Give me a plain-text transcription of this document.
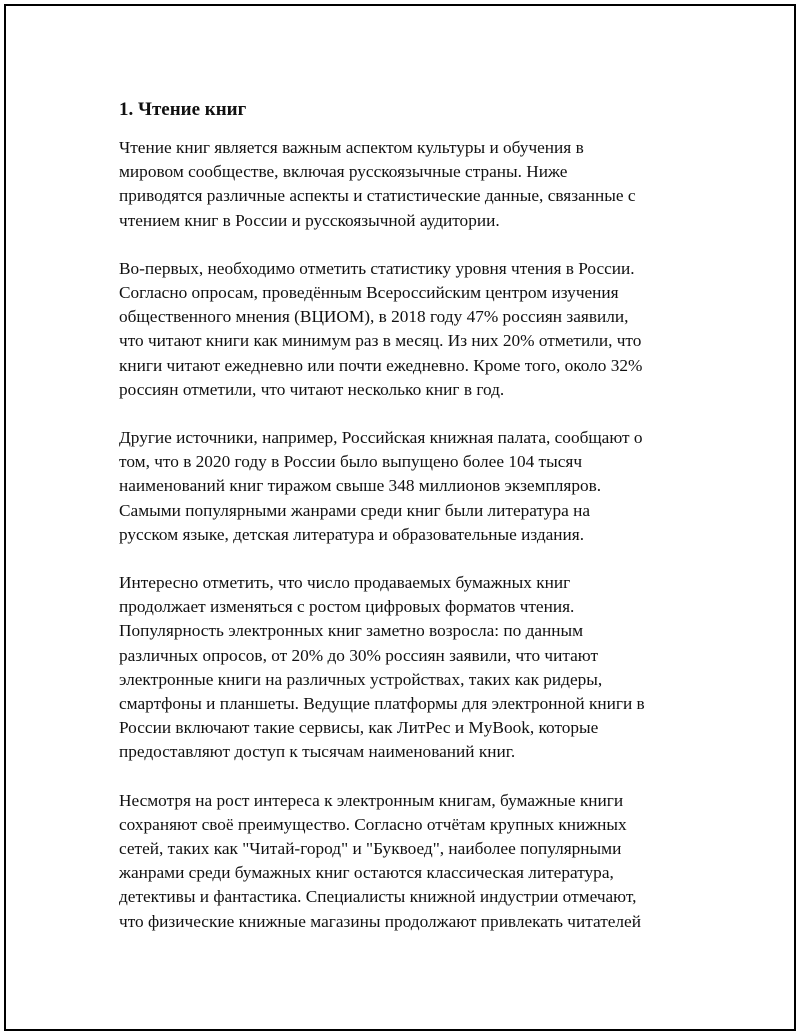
1. Чтение книг

Чтение книг является важным аспектом культуры и обучения в
мировом сообществе, включая русскоязычные страны. Ниже
приводятся различные аспекты и статистические данные, связанные с
чтением книг в России и русскоязычной аудитории.

Во-первых, необходимо отметить статистику уровня чтения в России.
Согласно опросам, проведённым Всероссийским центром изучения
общественного мнения (ВЦИОМ), в 2018 году 47% россиян заявили,
что читают книги как минимум раз в месяц. Из них 20% отметили, что
книги читают ежедневно или почти ежедневно. Кроме того, около 32%
россиян отметили, что читают несколько книг в год.

Другие источники, например, Российская книжная палата, сообщают о
том, что в 2020 году в России было выпущено более 104 тысяч
наименований книг тиражом свыше 348 миллионов экземпляров.
Самыми популярными жанрами среди книг были литература на
русском языке, детская литература и образовательные издания.

Интересно отметить, что число продаваемых бумажных книг
продолжает изменяться с ростом цифровых форматов чтения.
Популярность электронных книг заметно возросла: по данным
различных опросов, от 20% до 30% россиян заявили, что читают
электронные книги на различных устройствах, таких как ридеры,
смартфоны и планшеты. Ведущие платформы для электронной книги в
России включают такие сервисы, как ЛитРес и MyBook, которые
предоставляют доступ к тысячам наименований книг.

Несмотря на рост интереса к электронным книгам, бумажные книги
сохраняют своё преимущество. Согласно отчётам крупных книжных
сетей, таких как "Читай-город" и "Буквоед", наиболее популярными
жанрами среди бумажных книг остаются классическая литература,
детективы и фантастика. Специалисты книжной индустрии отмечают,
что физические книжные магазины продолжают привлекать читателей
